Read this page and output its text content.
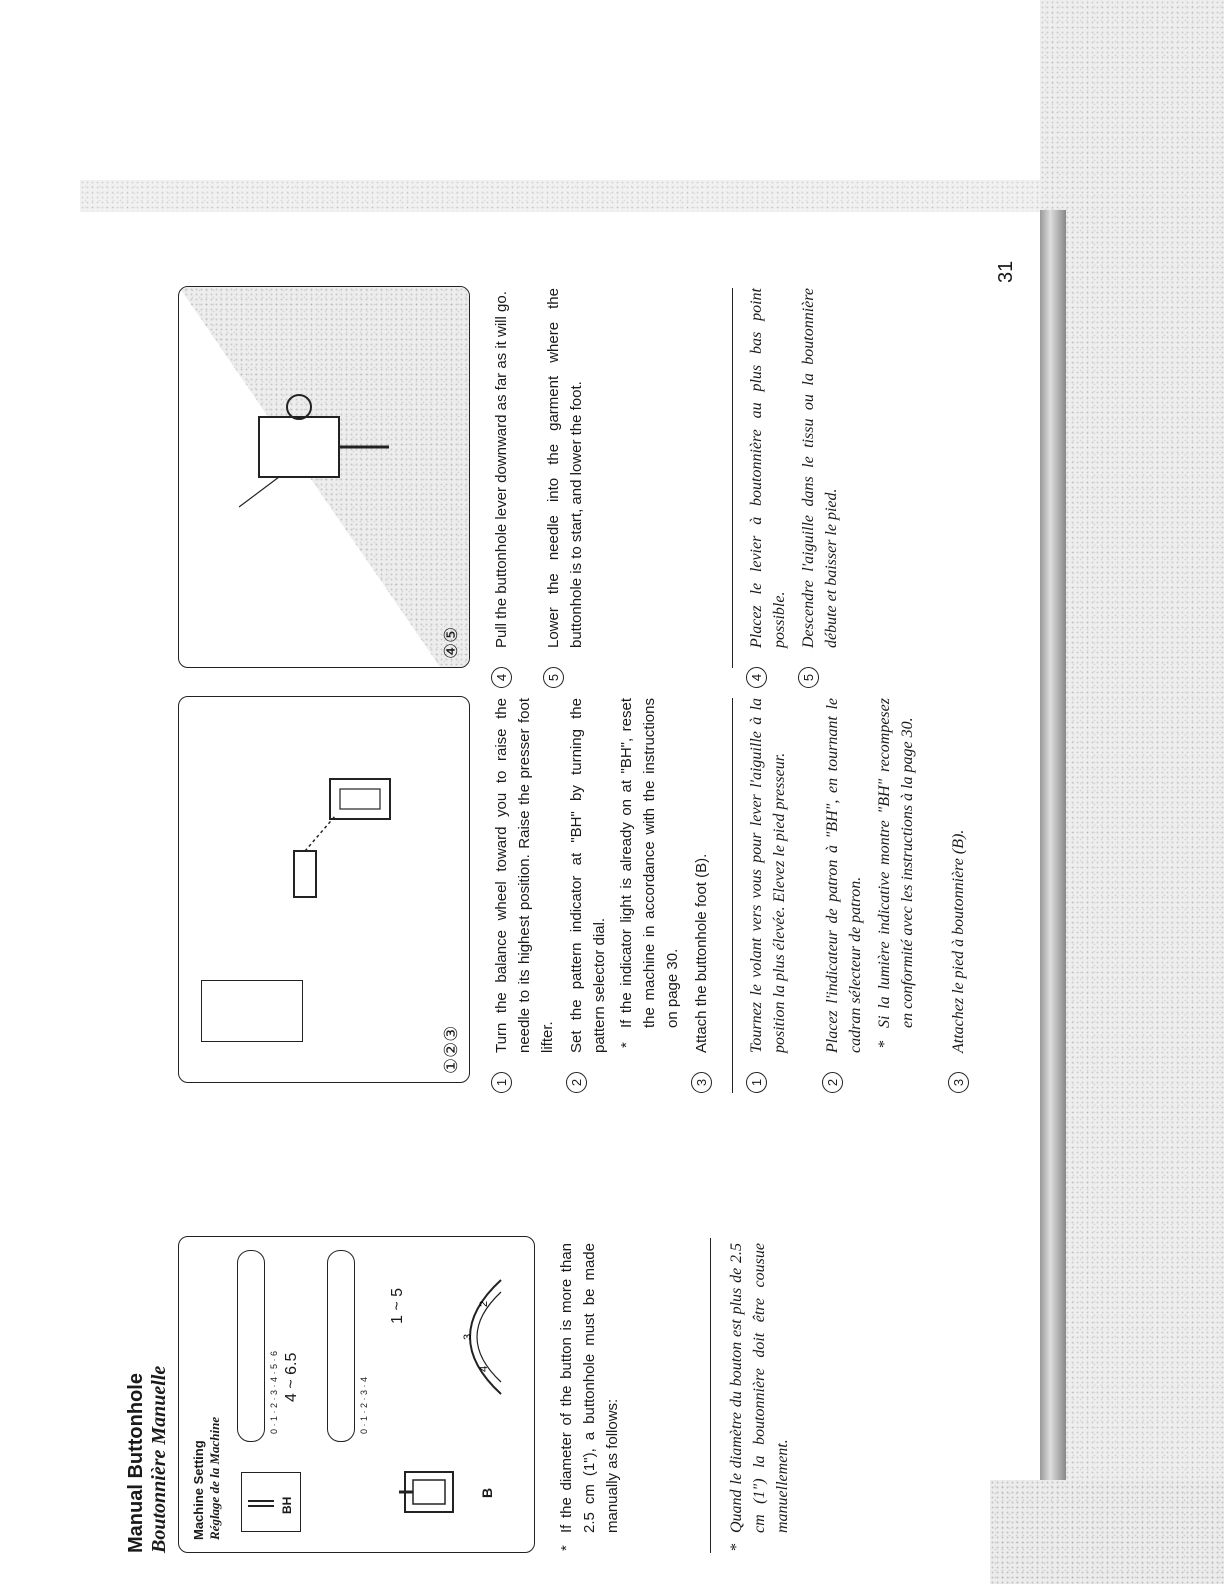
Manual Buttonhole Boutonnière Manuelle Machine Setting Réglage de la Machine	BH
0 · 1 · 2 · 3 · 4 · 5 · 6 4 ~ 6.5	0 · 1 · 2 · 3 · 4
B
1 ~ 5
4
3
2
*
If the diameter of the button is more than 2.5 cm (1"), a buttonhole must be made manually as follows:
*
Quand le diamètre du bouton est plus de 2.5 cm (1") la boutonnière doit être cousue manuellement.
①②③
④⑤
1
Turn the balance wheel toward you to raise the needle to its highest position. Raise the presser foot lifter.
2
Set the pattern indicator at "BH" by turning the pattern selector dial. *
If the indicator light is already on at "BH", reset the machine in accordance with the instructions on page 30.
3
Attach the buttonhole foot (B).
4
Pull the buttonhole lever downward as far as it will go.
5
Lower the needle into the garment where the buttonhole is to start, and lower the foot.
1
Tournez le volant vers vous pour lever l'aiguille à la position la plus élevée. Elevez le pied presseur.
2
Placez l'indicateur de patron à "BH", en tournant le cadran sélecteur de patron. *
Si la lumière indicative montre "BH" recompesez en conformité avec les instructions à la page 30.
3
Attachez le pied à boutonnière (B).
4
Placez le levier à boutonnière au plus bas point possible.
5
Descendre l'aiguille dans le tissu ou la boutonnière débute et baisser le pied.
31
